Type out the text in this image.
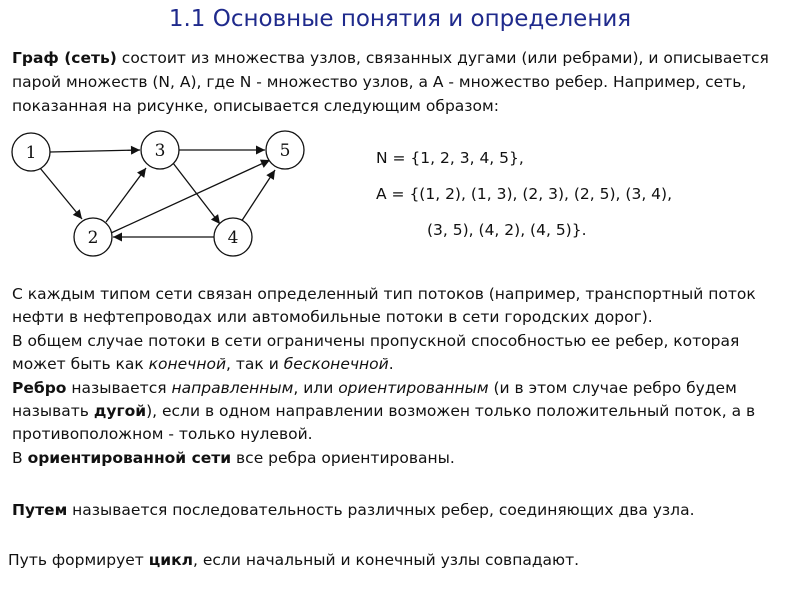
1.1 Основные понятия и определения
Граф (сеть) состоит из множества узлов, связанных дугами (или ребрами), и описывается парой множеств (N, A), где N - множество узлов, а A - множество ребер. Например, сеть, показанная на рисунке, описывается следующим образом:
1
2
3
4
5	N = {1, 2, 3, 4, 5},
A = {(1, 2), (1, 3), (2, 3), (2, 5), (3, 4),
(3, 5), (4, 2), (4, 5)}.
С каждым типом сети связан определенный тип потоков (например, транспортный поток нефти в нефтепроводах или автомобильные потоки в сети городских дорог).
В общем случае потоки в сети ограничены пропускной способностью ее ребер, которая может быть как конечной, так и бесконечной.
Ребро называется направленным, или ориентированным (и в этом случае ребро будем называть дугой), если в одном направлении возможен только положительный поток, а в противоположном - только нулевой.
В ориентированной сети все ребра ориентированы.
Путем называется последовательность различных ребер, соединяющих два узла.
Путь формирует цикл, если начальный и конечный узлы совпадают.
